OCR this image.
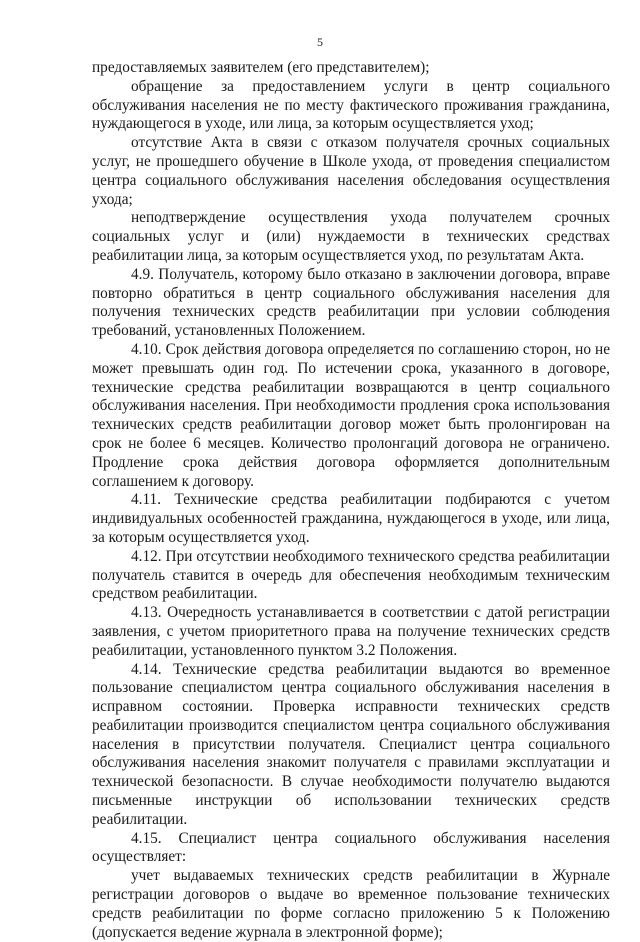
5

предоставляемых заявителем (его представителем);

обращение за предоставлением услуги в центр социального обслуживания населения не по месту фактического проживания гражданина, нуждающегося в уходе, или лица, за которым осуществляется уход;

отсутствие Акта в связи с отказом получателя срочных социальных услуг, не прошедшего обучение в Школе ухода, от проведения специалистом центра социального обслуживания населения обследования осуществления ухода;

неподтверждение осуществления ухода получателем срочных социальных услуг и (или) нуждаемости в технических средствах реабилитации лица, за которым осуществляется уход, по результатам Акта.

4.9. Получатель, которому было отказано в заключении договора, вправе повторно обратиться в центр социального обслуживания населения для получения технических средств реабилитации при условии соблюдения требований, установленных Положением.

4.10. Срок действия договора определяется по соглашению сторон, но не может превышать один год. По истечении срока, указанного в договоре, технические средства реабилитации возвращаются в центр социального обслуживания населения. При необходимости продления срока использования технических средств реабилитации договор может быть пролонгирован на срок не более 6 месяцев. Количество пролонгаций договора не ограничено. Продление срока действия договора оформляется дополнительным соглашением к договору.

4.11. Технические средства реабилитации подбираются с учетом индивидуальных особенностей гражданина, нуждающегося в уходе, или лица, за которым осуществляется уход.

4.12. При отсутствии необходимого технического средства реабилитации получатель ставится в очередь для обеспечения необходимым техническим средством реабилитации.

4.13. Очередность устанавливается в соответствии с датой регистрации заявления, с учетом приоритетного права на получение технических средств реабилитации, установленного пунктом 3.2 Положения.

4.14. Технические средства реабилитации выдаются во временное пользование специалистом центра социального обслуживания населения в исправном состоянии. Проверка исправности технических средств реабилитации производится специалистом центра социального обслуживания населения в присутствии получателя. Специалист центра социального обслуживания населения знакомит получателя с правилами эксплуатации и технической безопасности. В случае необходимости получателю выдаются письменные инструкции об использовании технических средств реабилитации.

4.15. Специалист центра социального обслуживания населения осуществляет:

учет выдаваемых технических средств реабилитации в Журнале регистрации договоров о выдаче во временное пользование технических средств реабилитации по форме согласно приложению 5 к Положению (допускается ведение журнала в электронной форме);
